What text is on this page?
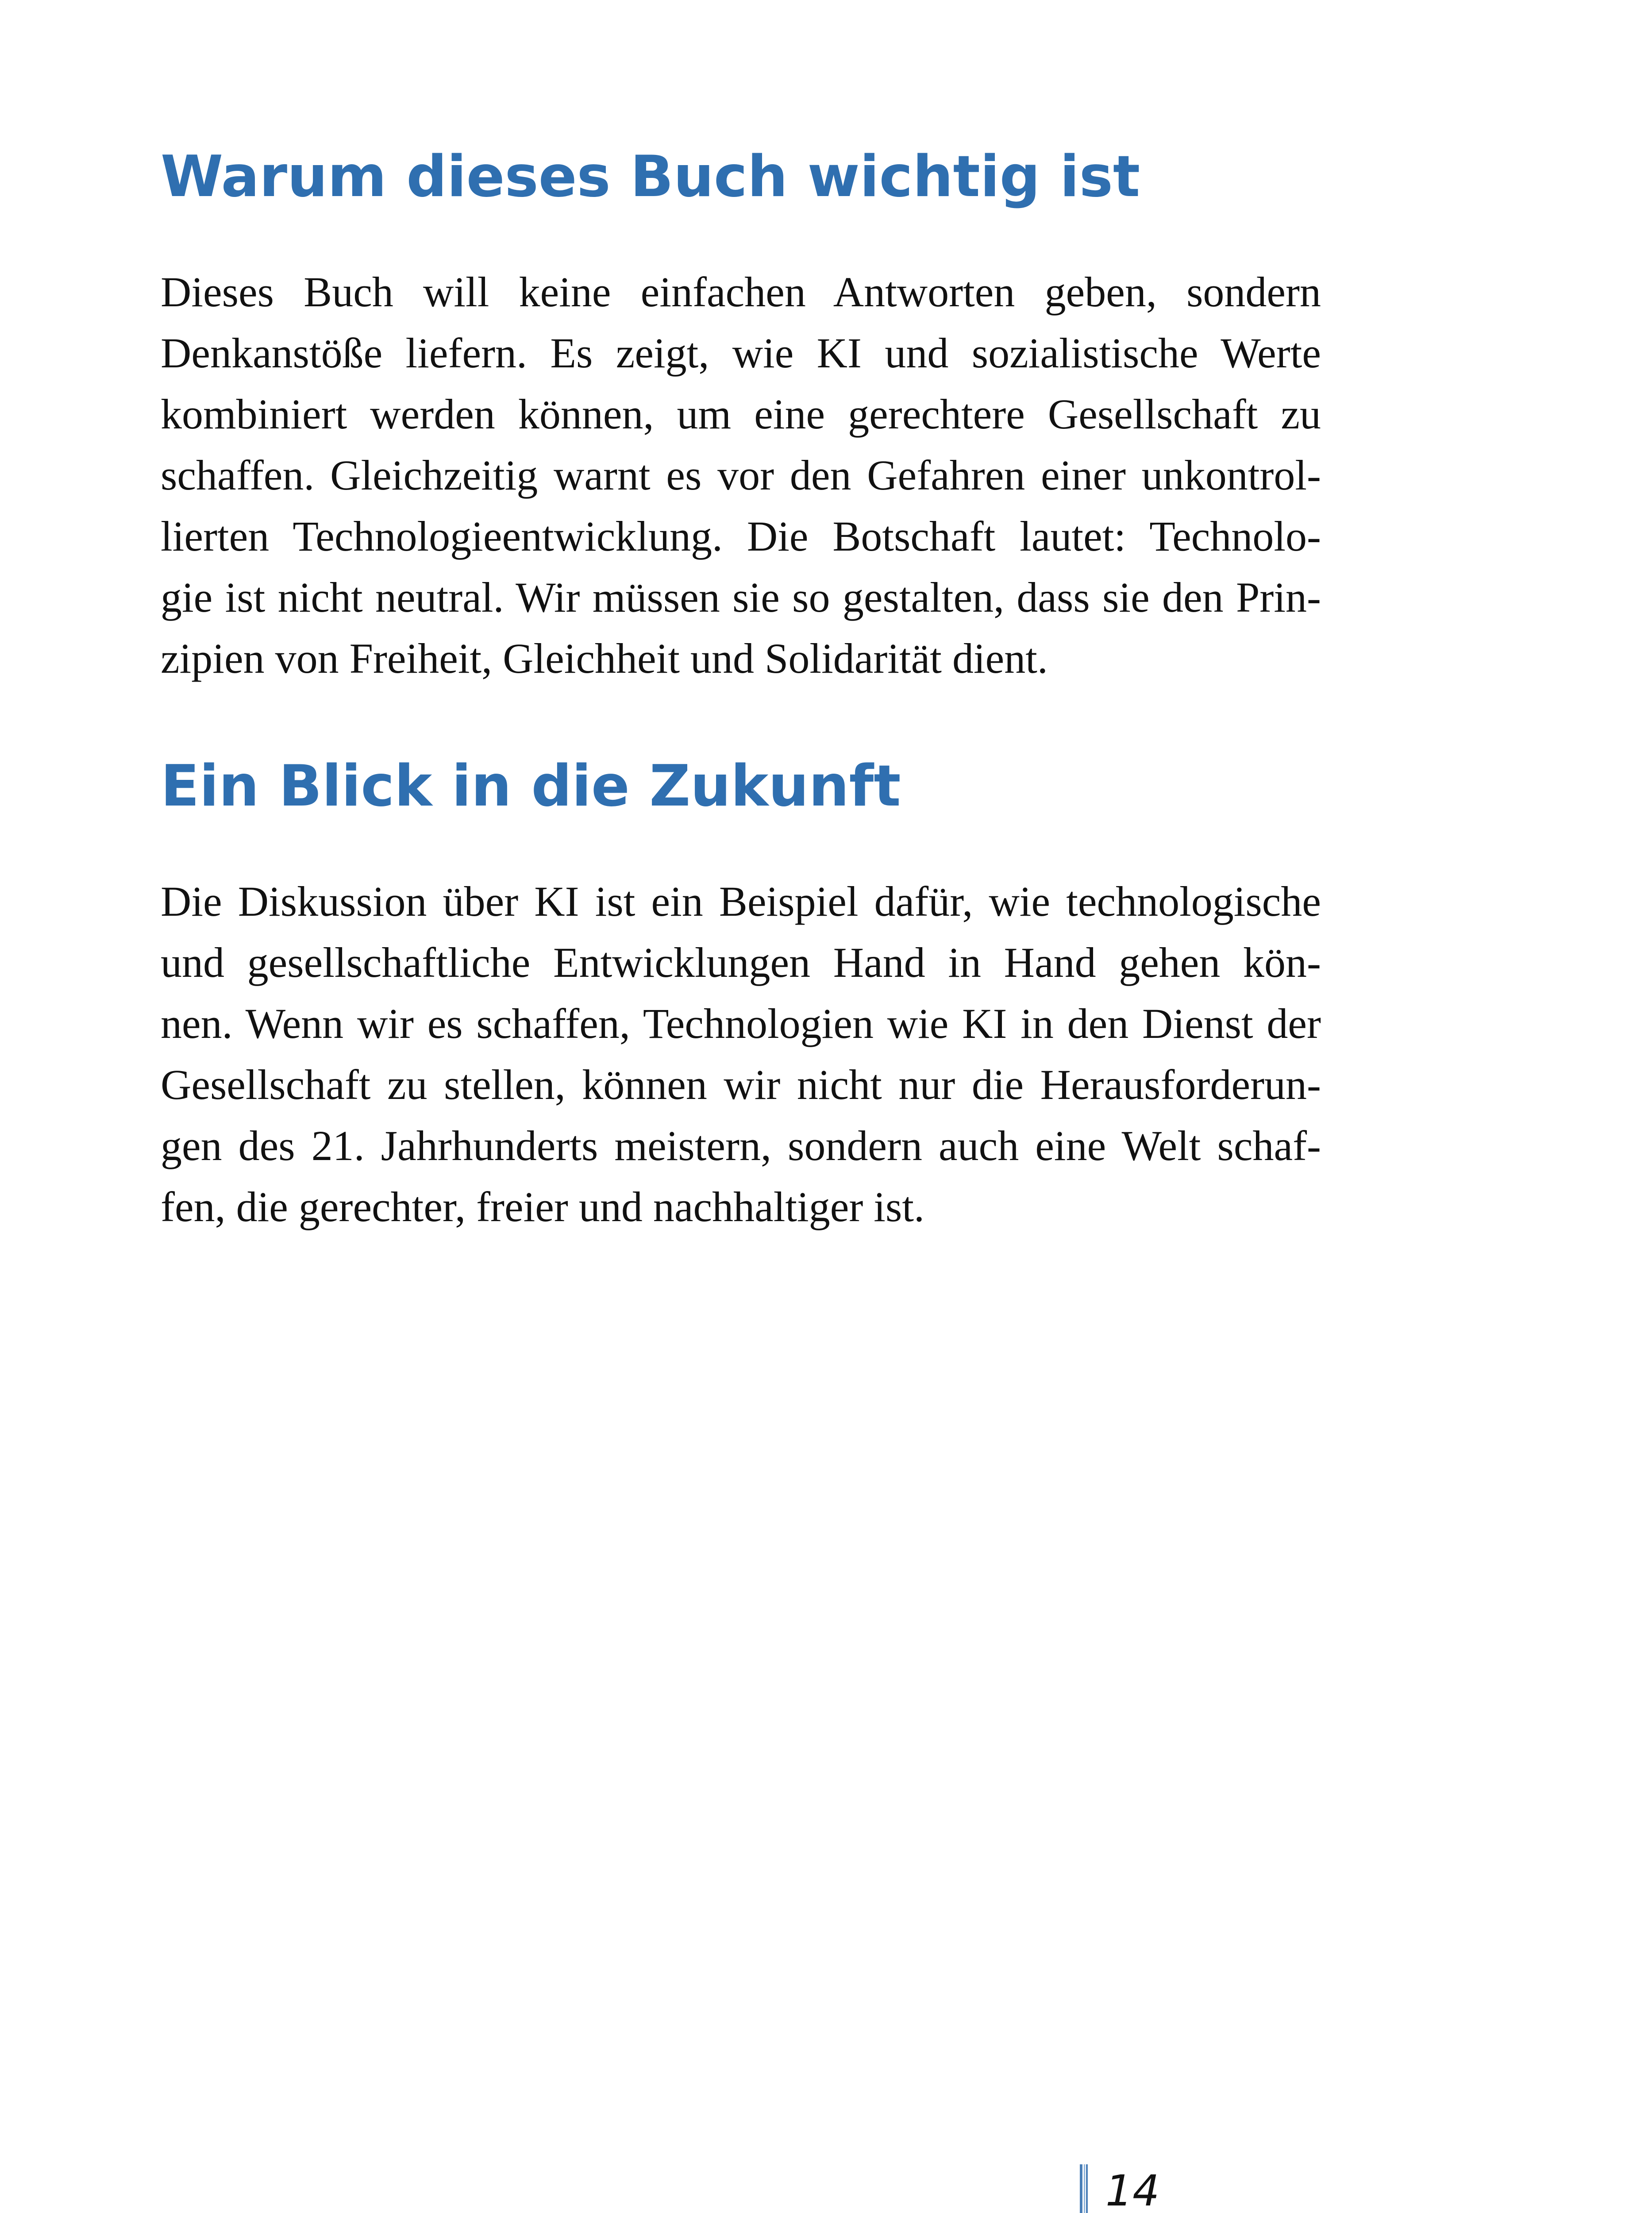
Warum dieses Buch wichtig ist

Dieses Buch will keine einfachen Antworten geben, sondern
Denkanstöße liefern. Es zeigt, wie KI und sozialistische Werte
kombiniert werden können, um eine gerechtere Gesellschaft zu
schaffen. Gleichzeitig warnt es vor den Gefahren einer unkontrol-
lierten Technologieentwicklung. Die Botschaft lautet: Technolo-
gie ist nicht neutral. Wir müssen sie so gestalten, dass sie den Prin-
zipien von Freiheit, Gleichheit und Solidarität dient.

Ein Blick in die Zukunft

Die Diskussion über KI ist ein Beispiel dafür, wie technologische
und gesellschaftliche Entwicklungen Hand in Hand gehen kön-
nen. Wenn wir es schaffen, Technologien wie KI in den Dienst der
Gesellschaft zu stellen, können wir nicht nur die Herausforderun-
gen des 21. Jahrhunderts meistern, sondern auch eine Welt schaf-
fen, die gerechter, freier und nachhaltiger ist.

14
